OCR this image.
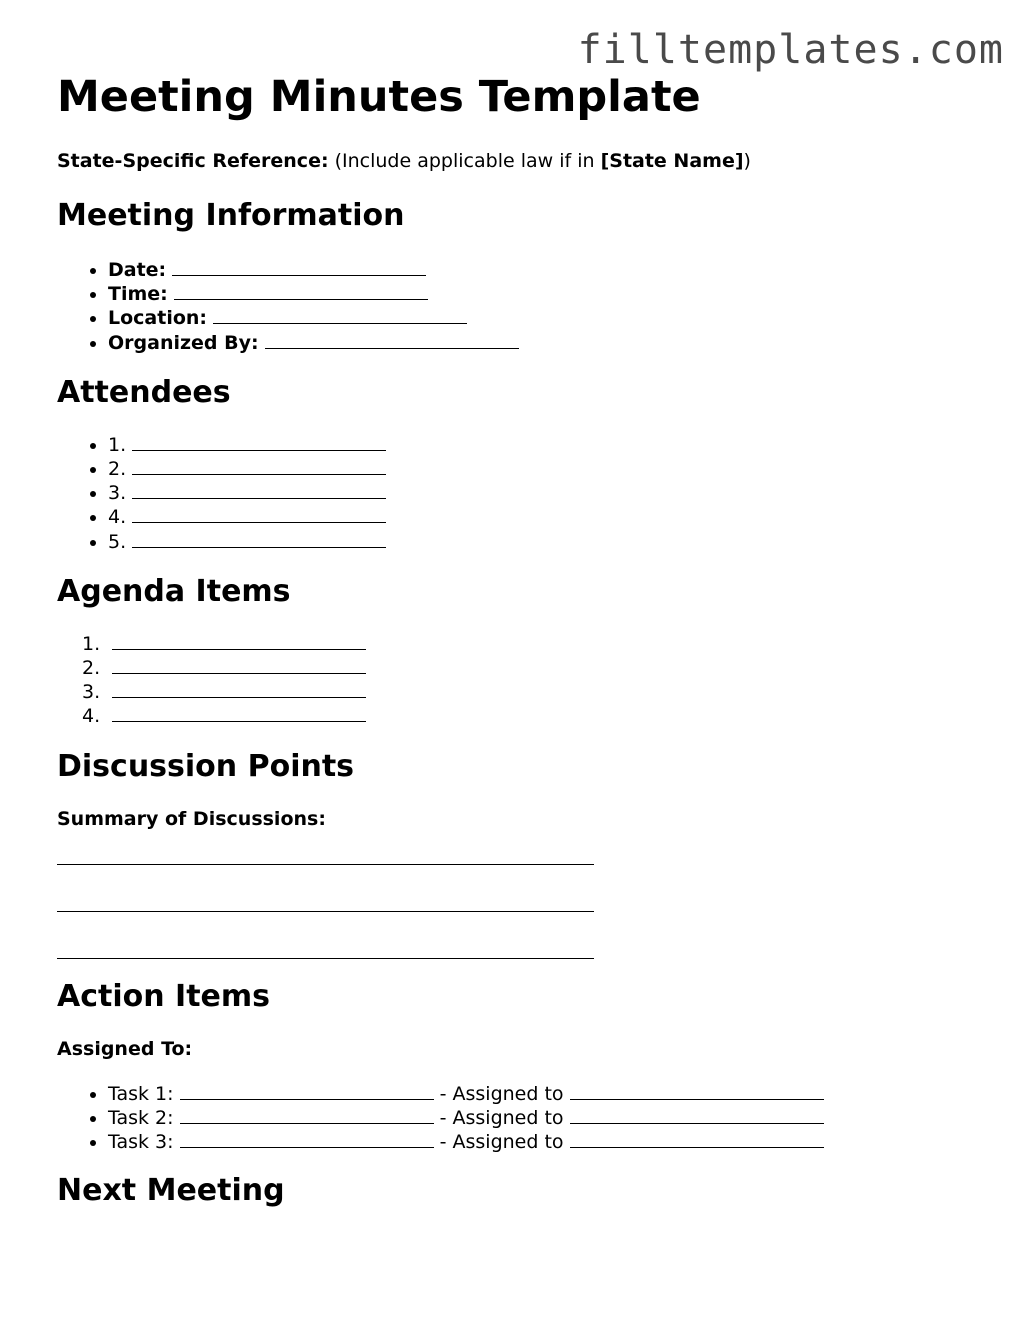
filltemplates.com
Meeting Minutes Template

State-Specific Reference: (Include applicable law if in [State Name])

Meeting Information
• Date:
• Time:
• Location:
• Organized By:
Attendees
• 1.
• 2.
• 3.
• 4.
• 5.
Agenda Items
1.
2.
3.
4.
Discussion Points

Summary of Discussions:

Action Items

Assigned To:

• Task 1:	- Assigned to
• Task 2:	- Assigned to
• Task 3:	- Assigned to
Next Meeting
